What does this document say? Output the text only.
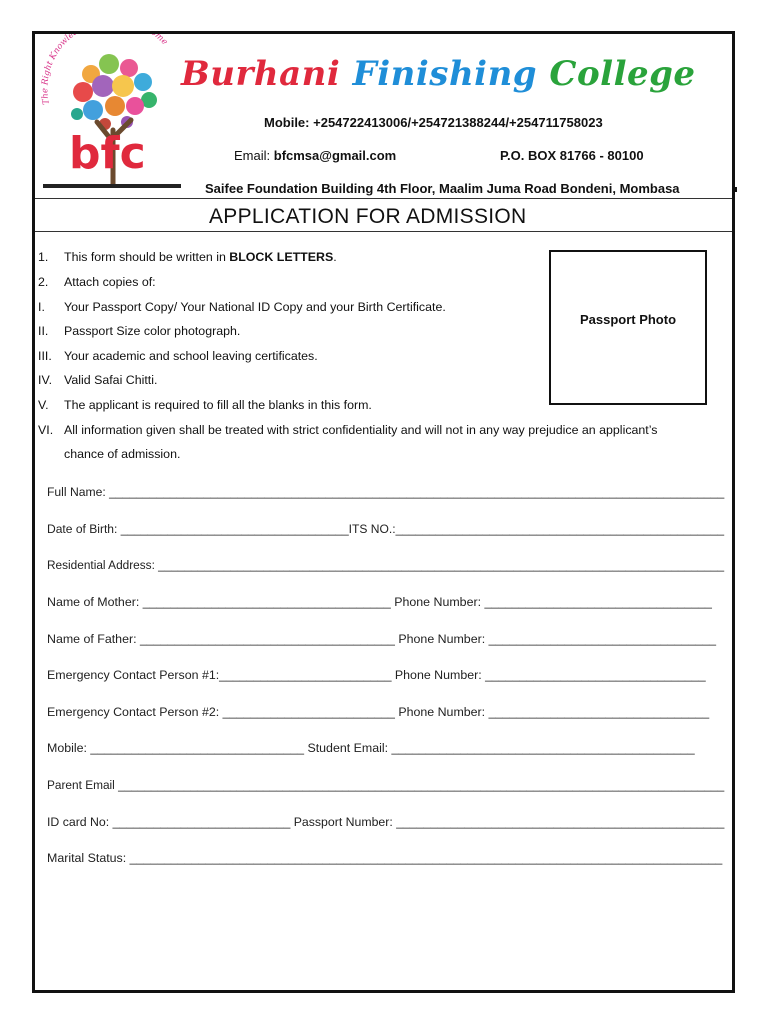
The Right Knowle me
bfc
Burhani Finishing College
Mobile: +254722413006/+254721388244/+254711758023
Email: bfcmsa@gmail.com	P.O. BOX 81766 - 80100
Saifee Foundation Building 4th Floor, Maalim Juma Road Bondeni, Mombasa
APPLICATION FOR ADMISSION
Passport Photo
1.	This form should be written in BLOCK LETTERS.
2.	Attach copies of:
I.	Your Passport Copy/ Your National ID Copy and your Birth Certificate.
II.	Passport Size color photograph.
III. Your academic and school leaving certificates.
IV. Valid Safai Chitti.
V.	The applicant is required to fill all the blanks in this form.
VI. All information given shall be treated with strict confidentiality and will not in any way prejudice an applicant’s
chance of admission.
Full Name: ___________________________________________________________________________________________
Date of Birth: __________________________________ITS NO.:_________________________________________________
Residential Address: ______________________________________________________________________________________
Name of Mother: ____________________________________ Phone Number: _________________________________
Name of Father: _____________________________________ Phone Number: _________________________________
Emergency Contact Person #1:_________________________ Phone Number: ________________________________
Emergency Contact Person #2: _________________________ Phone Number: ________________________________
Mobile: _______________________________ Student Email: ____________________________________________
Parent Email ____________________________________________________________________________________________
ID card No: __________________________ Passport Number: ________________________________________________
Marital Status: ______________________________________________________________________________________
